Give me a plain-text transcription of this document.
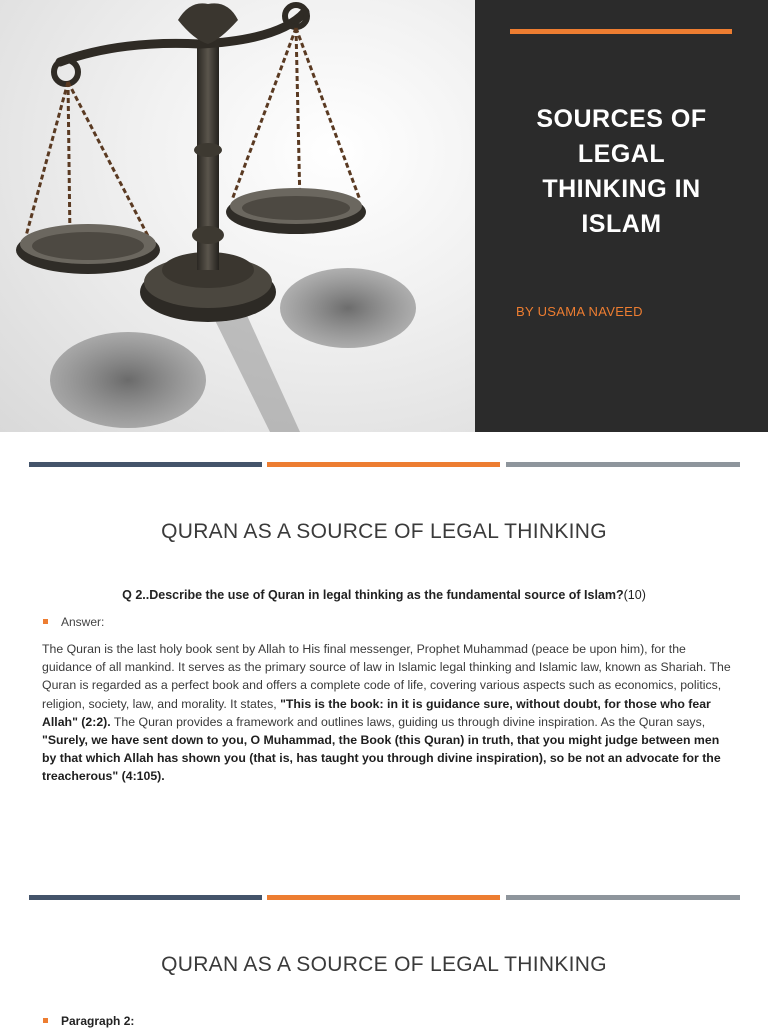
SOURCES OF LEGAL THINKING IN ISLAM
BY USAMA NAVEED
QURAN AS A SOURCE OF LEGAL THINKING
Q 2..Describe the use of Quran in legal thinking as the fundamental source of Islam?(10)
Answer:
The Quran is the last holy book sent by Allah to His final messenger, Prophet Muhammad (peace be upon him), for the guidance of all mankind. It serves as the primary source of law in Islamic legal thinking and Islamic law, known as Shariah. The Quran is regarded as a perfect book and offers a complete code of life, covering various aspects such as economics, politics, religion, society, law, and morality. It states, "This is the book: in it is guidance sure, without doubt, for those who fear Allah" (2:2). The Quran provides a framework and outlines laws, guiding us through divine inspiration. As the Quran says, "Surely, we have sent down to you, O Muhammad, the Book (this Quran) in truth, that you might judge between men by that which Allah has shown you (that is, has taught you through divine inspiration), so be not an advocate for the treacherous" (4:105).
QURAN AS A SOURCE OF LEGAL THINKING
Paragraph 2:
